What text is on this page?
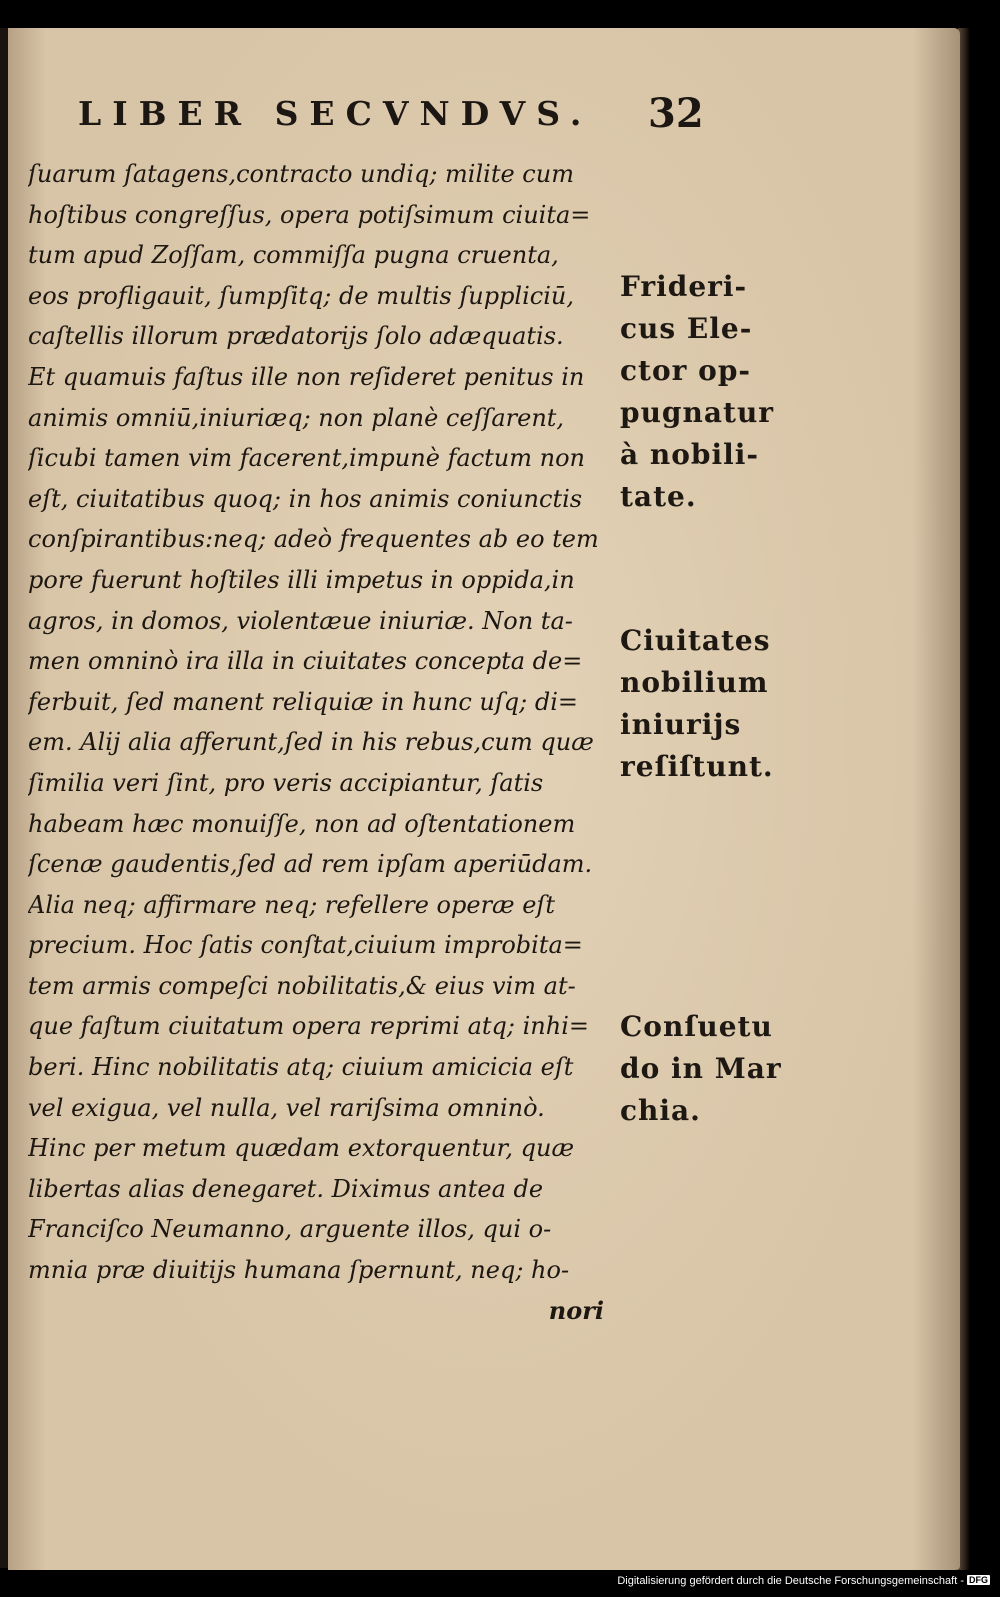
LIBER SECVNDVS. 32
ſuarum ſatagens,contracto undiq; milite cum
hoſtibus congreſſus, opera potiſsimum ciuita=
tum apud Zoſſam, commiſſa pugna cruenta,
eos profligauit, ſumpſitq; de multis ſuppliciū,
caſtellis illorum prædatorijs ſolo adæquatis.
Et quamuis faſtus ille non reſideret penitus in
animis omniū,iniuriæq; non planè ceſſarent,
ſicubi tamen vim facerent,impunè factum non
eſt, ciuitatibus quoq; in hos animis coniunctis
conſpirantibus:neq; adeò frequentes ab eo tem
pore fuerunt hoſtiles illi impetus in oppida,in
agros, in domos, violentæue iniuriæ. Non ta-
men omninò ira illa in ciuitates concepta de=
ferbuit, ſed manent reliquiæ in hunc uſq; di=
em. Alij alia afferunt,ſed in his rebus,cum quæ
ſimilia veri ſint, pro veris accipiantur, ſatis
habeam hæc monuiſſe, non ad oſtentationem
ſcenæ gaudentis,ſed ad rem ipſam aperiūdam.
Alia neq; affirmare neq; refellere operæ eſt
precium. Hoc ſatis conſtat,ciuium improbita=
tem armis compeſci nobilitatis,& eius vim at-
que faſtum ciuitatum opera reprimi atq; inhi=
beri. Hinc nobilitatis atq; ciuium amicicia eſt
vel exigua, vel nulla, vel rariſsima omninò.
Hinc per metum quædam extorquentur, quæ
libertas alias denegaret. Diximus antea de
Franciſco Neumanno, arguente illos, qui o-
mnia præ diuitijs humana ſpernunt, neq; ho-
nori
Frideri-
cus Ele-
ctor op-
pugnatur
à nobili-
tate.
Ciuitates
nobilium
iniurijs
reſiſtunt.
Conſuetu
do in Mar
chia.
Digitalisierung gefördert durch die Deutsche Forschungsgemeinschaft - DFG
